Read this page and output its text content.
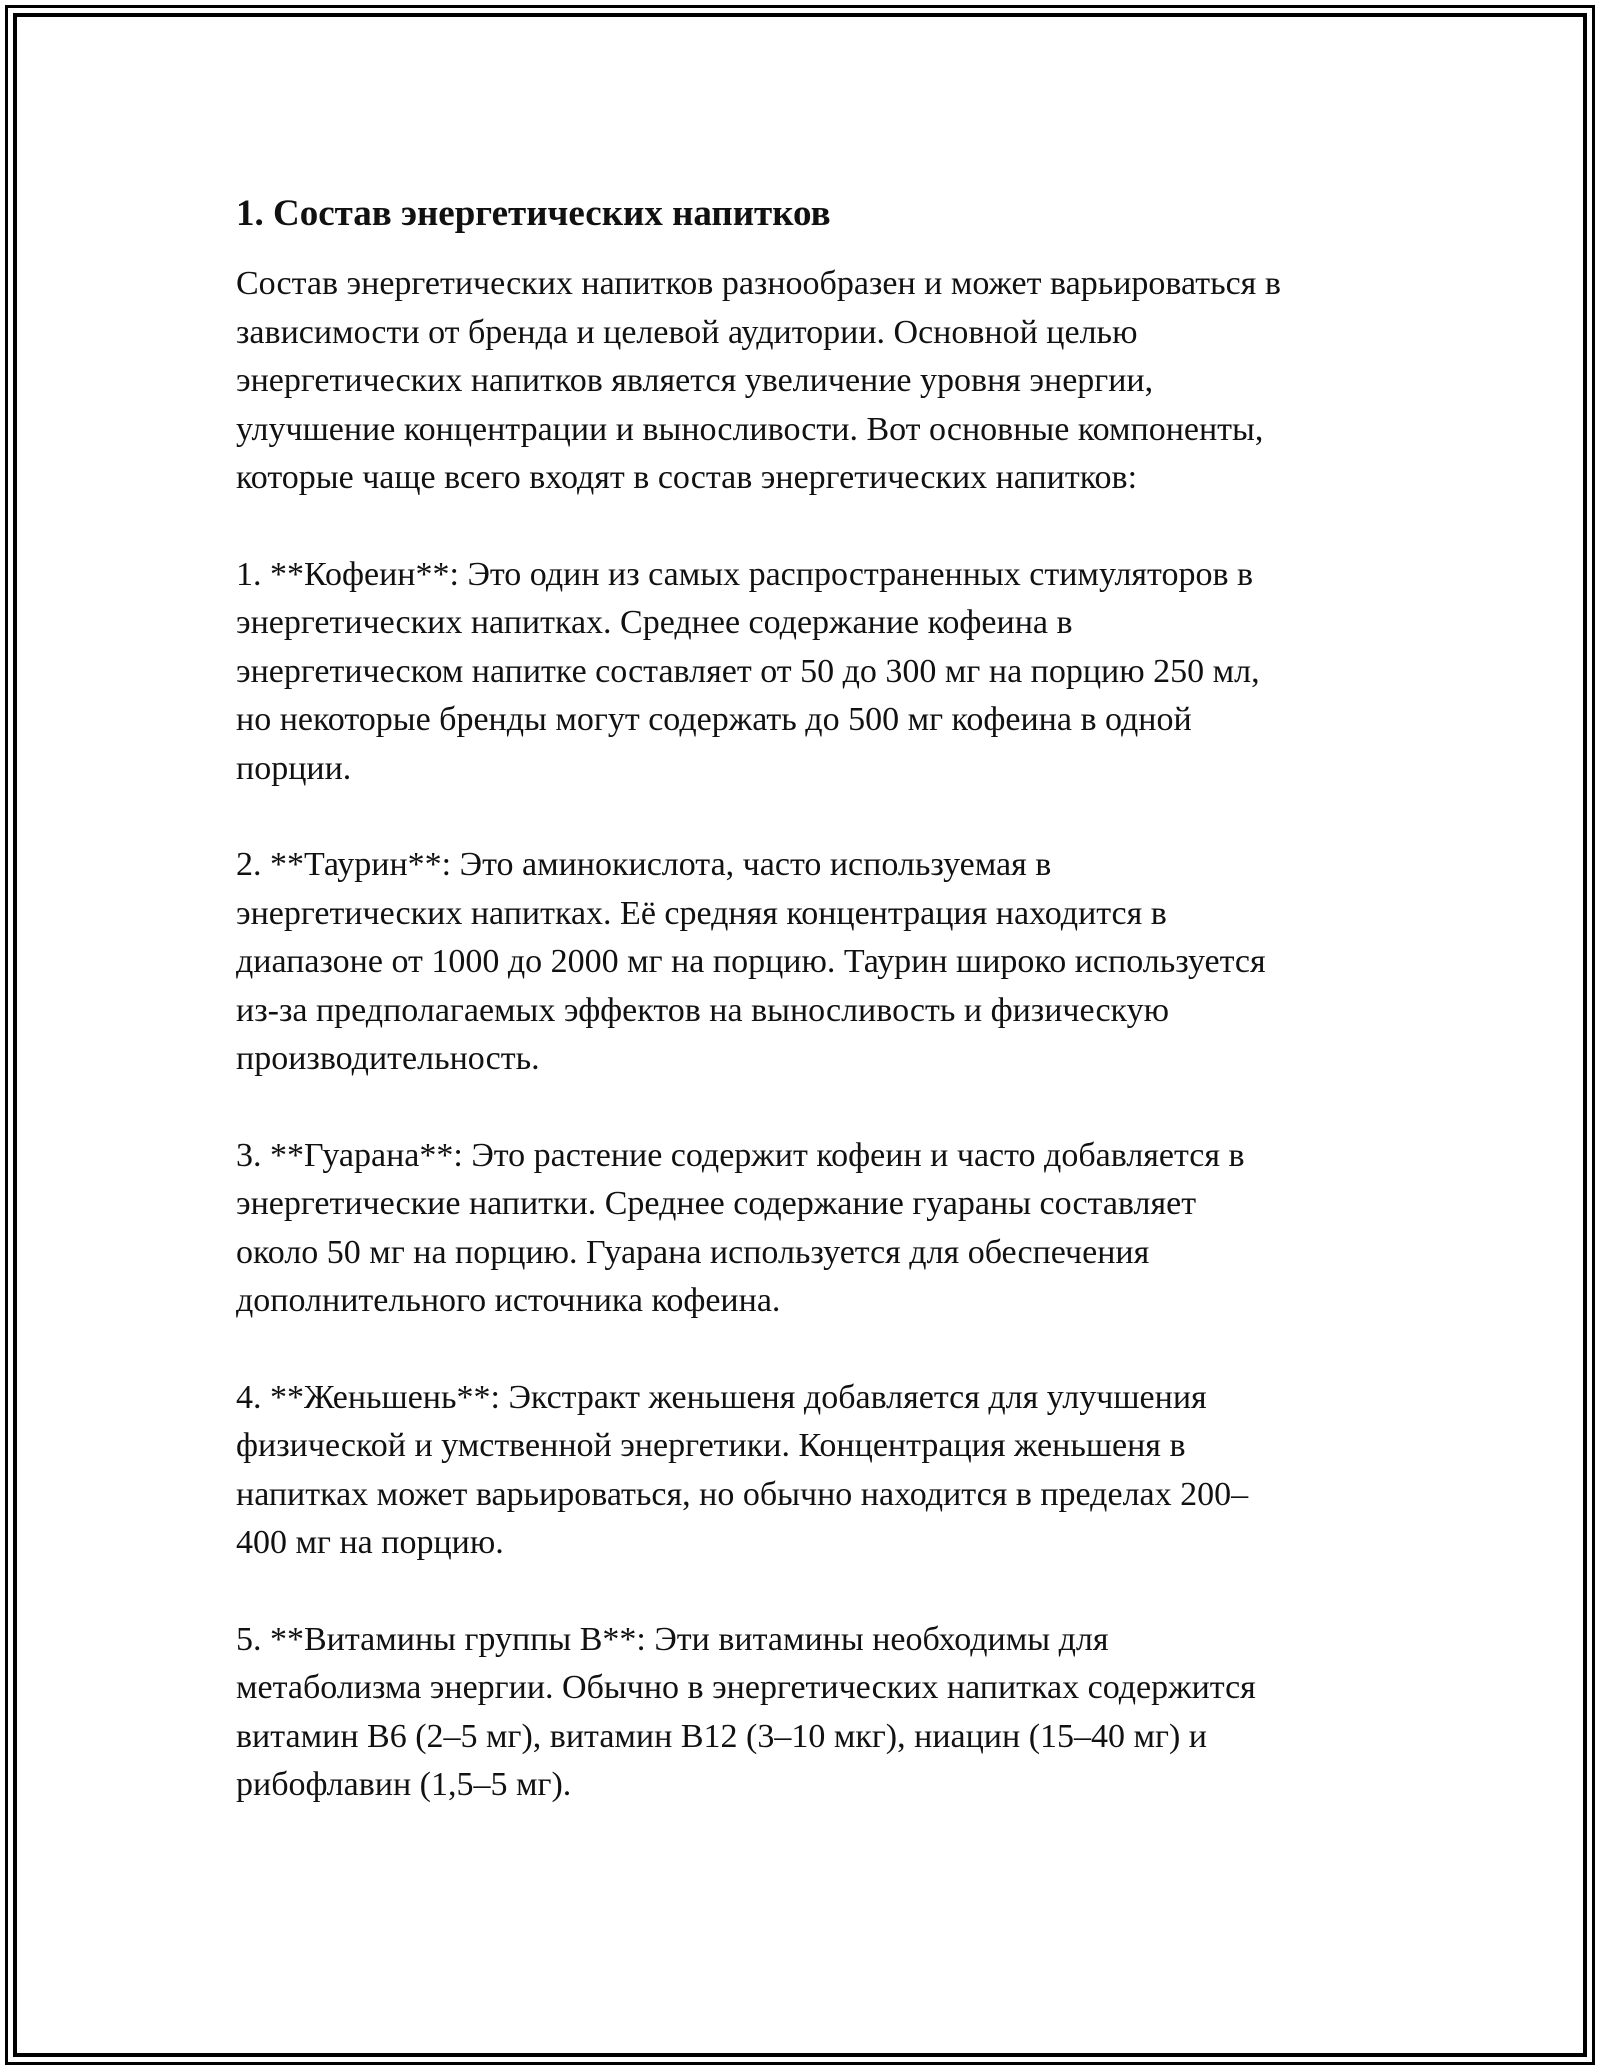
1. Состав энергетических напитков

Состав энергетических напитков разнообразен и может варьироваться в
зависимости от бренда и целевой аудитории. Основной целью
энергетических напитков является увеличение уровня энергии,
улучшение концентрации и выносливости. Вот основные компоненты,
которые чаще всего входят в состав энергетических напитков:

1. **Кофеин**: Это один из самых распространенных стимуляторов в
энергетических напитках. Среднее содержание кофеина в
энергетическом напитке составляет от 50 до 300 мг на порцию 250 мл,
но некоторые бренды могут содержать до 500 мг кофеина в одной
порции.

2. **Таурин**: Это аминокислота, часто используемая в
энергетических напитках. Её средняя концентрация находится в
диапазоне от 1000 до 2000 мг на порцию. Таурин широко используется
из-за предполагаемых эффектов на выносливость и физическую
производительность.

3. **Гуарана**: Это растение содержит кофеин и часто добавляется в
энергетические напитки. Среднее содержание гуараны составляет
около 50 мг на порцию. Гуарана используется для обеспечения
дополнительного источника кофеина.

4. **Женьшень**: Экстракт женьшеня добавляется для улучшения
физической и умственной энергетики. Концентрация женьшеня в
напитках может варьироваться, но обычно находится в пределах 200–
400 мг на порцию.

5. **Витамины группы B**: Эти витамины необходимы для
метаболизма энергии. Обычно в энергетических напитках содержится
витамин B6 (2–5 мг), витамин B12 (3–10 мкг), ниацин (15–40 мг) и
рибофлавин (1,5–5 мг).
